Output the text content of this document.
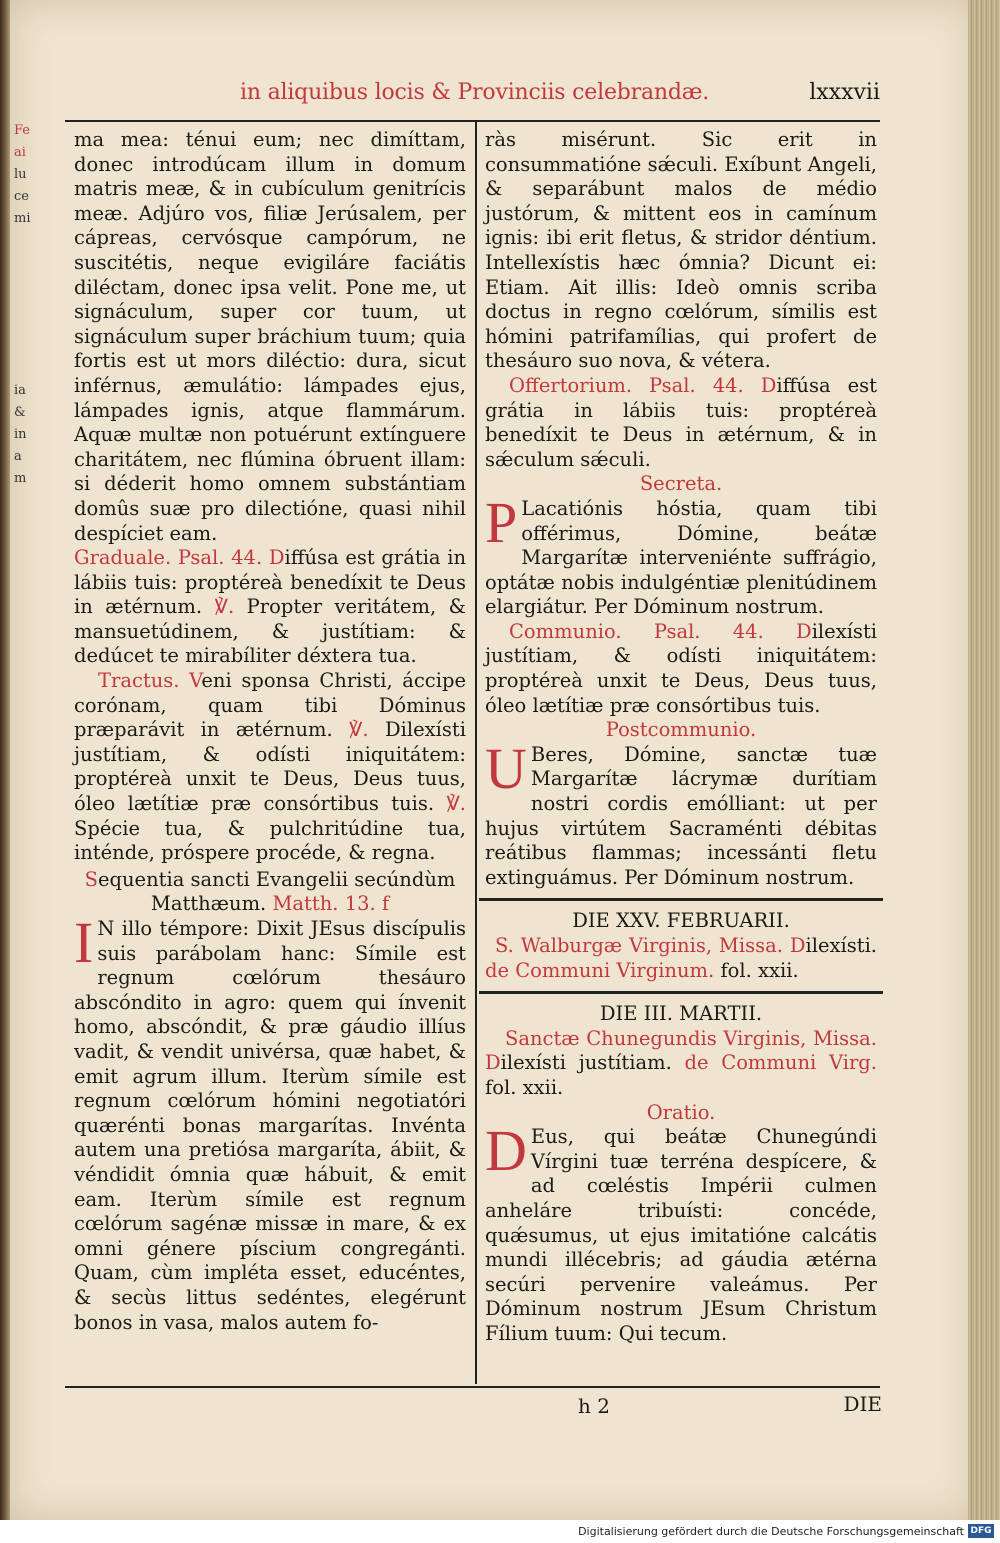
Fe
ai
lu
ce
mi
ia
&
in
a
m
in aliquibus locis & Provinciis celebrandæ.	lxxxvii

ma mea: ténui eum; nec dimíttam, donec introdúcam illum in domum matris meæ, & in cubículum genitrícis meæ. Adjúro vos, filiæ Jerúsalem, per cápreas, cervósque campórum, ne suscitétis, neque evigiláre faciátis diléctam, donec ipsa velit. Pone me, ut signáculum, super cor tuum, ut signáculum super bráchium tuum; quia fortis est ut mors diléctio: dura, sicut inférnus, æmulátio: lámpades ejus, lámpades ignis, atque flammárum. Aquæ multæ non potuérunt extínguere charitátem, nec flúmina óbruent illam: si déderit homo omnem substántiam domûs suæ pro dilectióne, quasi nihil despíciet eam.

Graduale. Psal. 44. Diffúsa est grátia in lábiis tuis: proptéreà benedíxit te Deus in ætérnum. ℣. Propter veritátem, & mansuetúdinem, & justítiam: & dedúcet te mirabíliter déxtera tua.

Tractus. Veni sponsa Christi, áccipe corónam, quam tibi Dóminus præparávit in ætérnum. ℣. Dilexísti justítiam, & odísti iniquitátem: proptéreà unxit te Deus, Deus tuus, óleo lætítiæ præ consórtibus tuis. ℣. Spécie tua, & pulchritúdine tua, inténde, próspere procéde, & regna.

Sequentia sancti Evangelii secúndùm Matthæum. Matth. 13. f

I N illo témpore: Dixit JEsus discípulis suis parábolam hanc: Símile est regnum cœlórum thesáuro abscóndito in agro: quem qui ínvenit homo, abscóndit, & præ gáudio illíus vadit, & vendit univérsa, quæ habet, & emit agrum illum. Iterùm símile est regnum cœlórum hómini negotiatóri quærénti bonas margarítas. Invénta autem una pretiósa margaríta, ábiit, & véndidit ómnia quæ hábuit, & emit eam. Iterùm símile est regnum cœlórum sagénæ missæ in mare, & ex omni génere píscium congregánti. Quam, cùm impléta esset, educéntes, & secùs littus sedéntes, elegérunt bonos in vasa, malos autem fo-

ràs misérunt. Sic erit in consummatióne sǽculi. Exíbunt Angeli, & separábunt malos de médio justórum, & mittent eos in camínum ignis: ibi erit fletus, & stridor déntium. Intellexístis hæc ómnia? Dicunt ei: Etiam. Ait illis: Ideò omnis scriba doctus in regno cœlórum, símilis est hómini patrifamílias, qui profert de thesáuro suo nova, & vétera.

Offertorium. Psal. 44. Diffúsa est grátia in lábiis tuis: proptéreà benedíxit te Deus in ætérnum, & in sǽculum sǽculi.

Secreta.

P Lacatiónis hóstia, quam tibi offérimus, Dómine, beátæ Margarítæ interveniénte suffrágio, optátæ nobis indulgéntiæ plenitúdinem elargiátur. Per Dóminum nostrum.

Communio. Psal. 44. Dilexísti justítiam, & odísti iniquitátem: proptéreà unxit te Deus, Deus tuus, óleo lætítiæ præ consórtibus tuis.

Postcommunio.

U Beres, Dómine, sanctæ tuæ Margarítæ lácrymæ durítiam nostri cordis emólliant: ut per hujus virtútem Sacraménti débitas reátibus flammas; incessánti fletu extinguámus. Per Dóminum nostrum.

DIE XXV. FEBRUARII.

S. Walburgæ Virginis, Missa. Dilexísti. de Communi Virginum. fol. xxii.

DIE III. MARTII.

Sanctæ Chunegundis Virginis, Missa. Dilexísti justítiam. de Communi Virg. fol. xxii.

Oratio.

D Eus, qui beátæ Chunegúndi Vírgini tuæ terréna despícere, & ad cœléstis Impérii culmen anheláre tribuísti: concéde, quǽsumus, ut ejus imitatióne calcátis mundi illécebris; ad gáudia ætérna secúri pervenire valeámus. Per Dóminum nostrum JEsum Christum Fílium tuum: Qui tecum.

h 2	DIE
Digitalisierung gefördert durch die Deutsche Forschungsgemeinschaft DFG
